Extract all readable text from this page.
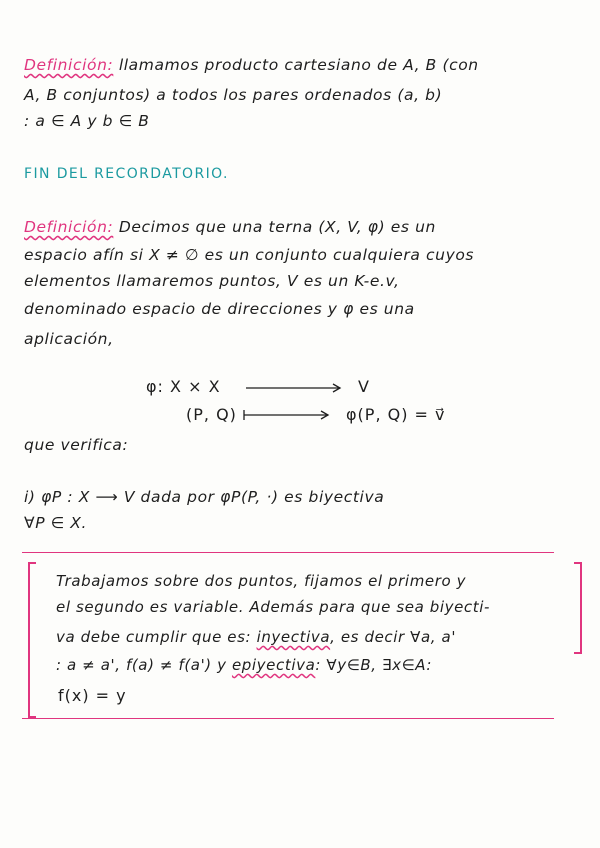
Definición: llamamos producto cartesiano de A, B (con
A, B conjuntos) a todos los pares ordenados (a, b)
: a ∈ A y b ∈ B
FIN DEL RECORDATORIO.
Definición: Decimos que una terna (X, V, φ) es un
espacio afín si X ≠ ∅ es un conjunto cualquiera cuyos
elementos llamaremos puntos, V es un K-e.v,
denominado espacio de direcciones y φ es una
aplicación,
φ: X × X	V
(P, Q)	φ(P, Q) = v⃗
que verifica:
i) φP : X ⟶ V dada por φP(P, ·) es biyectiva
∀P ∈ X.
Trabajamos sobre dos puntos, fijamos el primero y
el segundo es variable. Además para que sea biyecti-
va debe cumplir que es: inyectiva, es decir ∀a, a'
: a ≠ a', f(a) ≠ f(a') y epiyectiva: ∀y∈B, ∃x∈A:
f(x) = y
